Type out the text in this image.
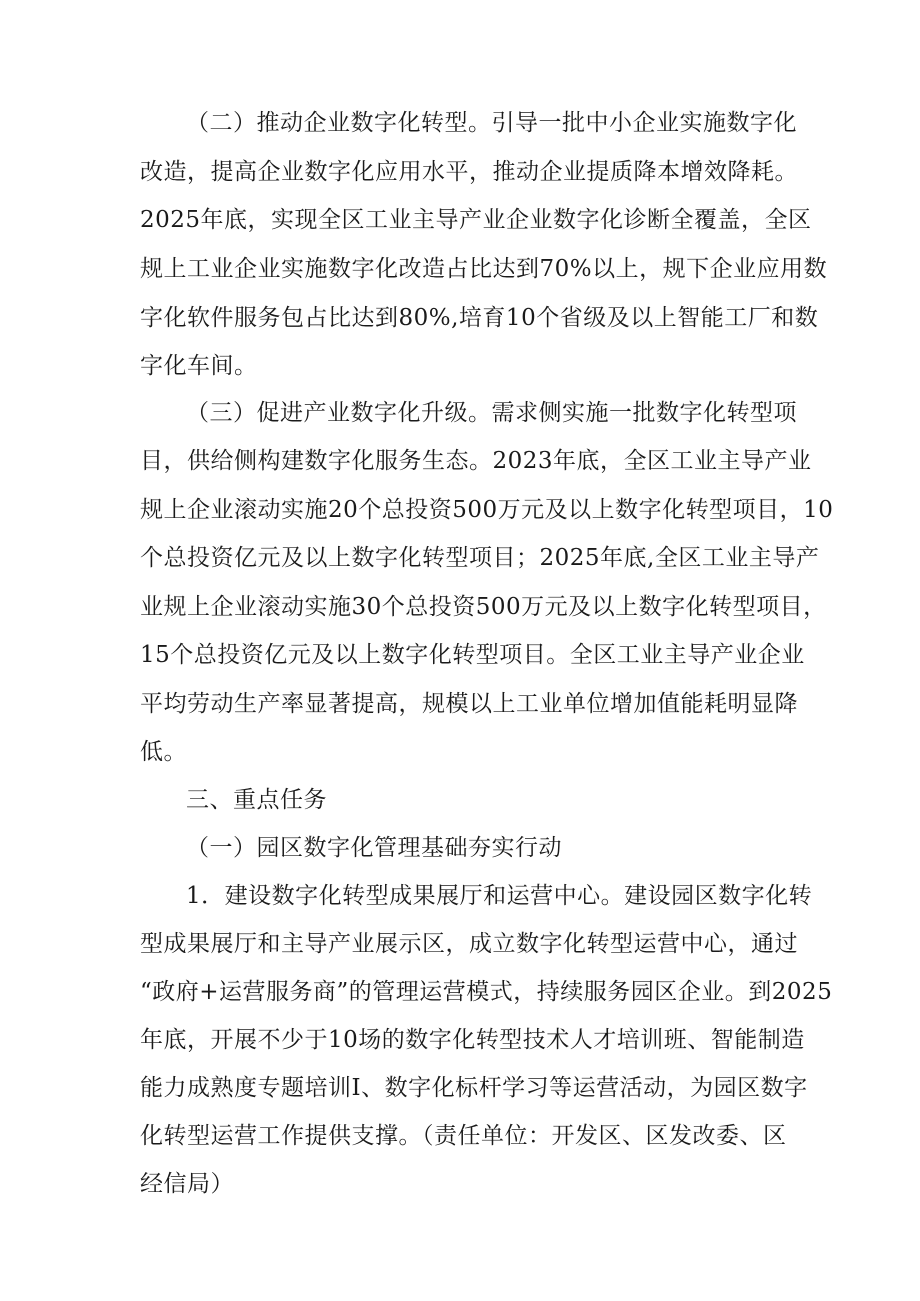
（二）推动企业数字化转型。引导一批中小企业实施数字化
改造，提高企业数字化应用水平，推动企业提质降本增效降耗。
2025年底，实现全区工业主导产业企业数字化诊断全覆盖，全区
规上工业企业实施数字化改造占比达到70%以上，规下企业应用数
字化软件服务包占比达到80%,培育10个省级及以上智能工厂和数
字化车间。
（三）促进产业数字化升级。需求侧实施一批数字化转型项
目，供给侧构建数字化服务生态。2023年底，全区工业主导产业
规上企业滚动实施20个总投资500万元及以上数字化转型项目，10
个总投资亿元及以上数字化转型项目；2025年底,全区工业主导产
业规上企业滚动实施30个总投资500万元及以上数字化转型项目，
15个总投资亿元及以上数字化转型项目。全区工业主导产业企业
平均劳动生产率显著提高，规模以上工业单位增加值能耗明显降
低。
三、重点任务
（一）园区数字化管理基础夯实行动
1．建设数字化转型成果展厅和运营中心。建设园区数字化转
型成果展厅和主导产业展示区，成立数字化转型运营中心，通过
“政府+运营服务商”的管理运营模式，持续服务园区企业。到2025
年底，开展不少于10场的数字化转型技术人才培训班、智能制造
能力成熟度专题培训I、数字化标杆学习等运营活动，为园区数字
化转型运营工作提供支撑。（责任单位：开发区、区发改委、区
经信局）
